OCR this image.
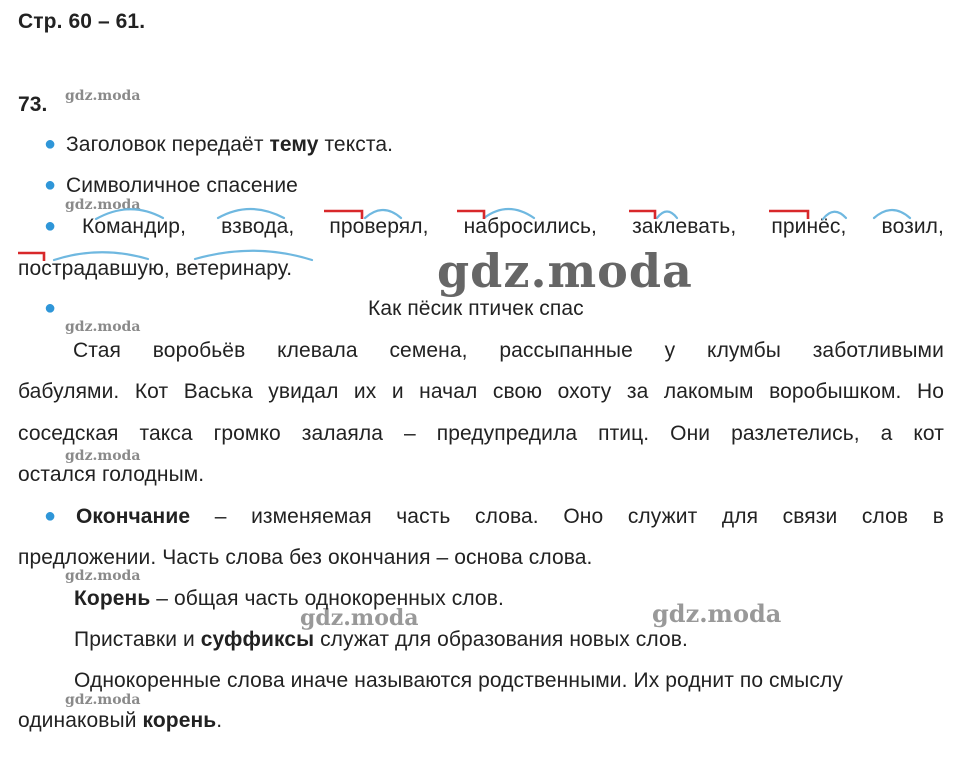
Стр. 60 – 61.
73. gdz.moda
gdz.moda
gdz.moda
gdz.moda
gdz.moda
gdz.moda
gdz.moda	gdz.moda
gdz.moda
● Заголовок передаёт тему текста.
● Символичное спасение
● Командир, взвода, проверял, набросились, заклевать, принёс, возил,
пострадавшую, ветеринару.
●	Как пёсик птичек спас
Стая воробьёв клевала семена, рассыпанные у клумбы заботливыми
бабулями. Кот Васька увидал их и начал свою охоту за лакомым воробышком. Но
соседская такса громко залаяла – предупредила птиц. Они разлетелись, а кот
остался голодным.
● Окончание – изменяемая часть слова. Оно служит для связи слов в
предложении. Часть слова без окончания – основа слова.
Корень – общая часть однокоренных слов.
Приставки и суффиксы служат для образования новых слов.
Однокоренные слова иначе называются родственными. Их роднит по смыслу
одинаковый корень.
